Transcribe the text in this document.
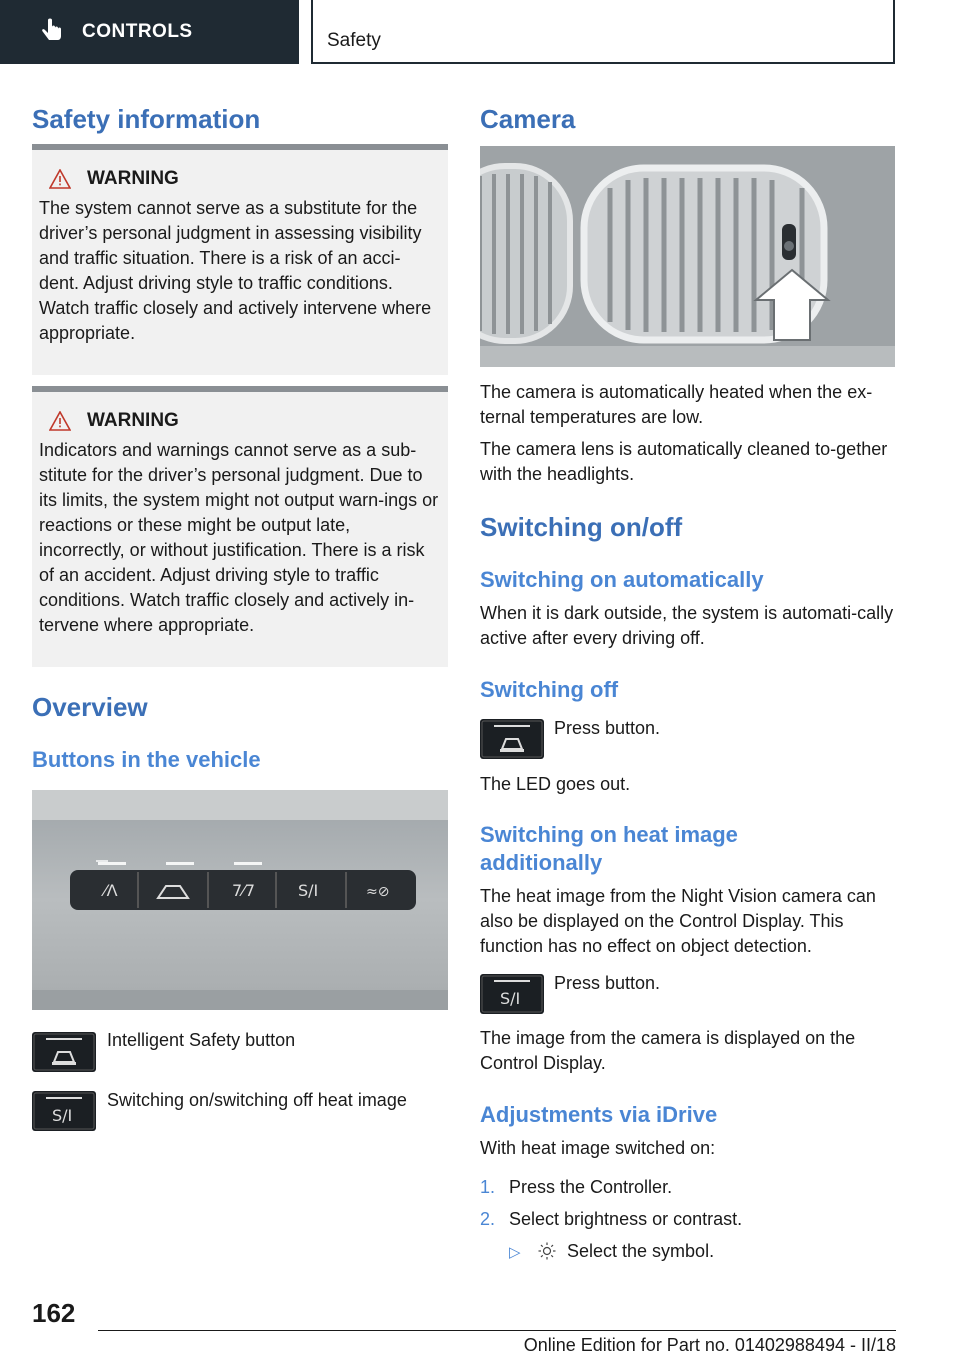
CONTROLS	Safety
Safety information
WARNING
The system cannot serve as a substitute for the driver’s personal judgment in assessing visibility and traffic situation. There is a risk of an acci-dent. Adjust driving style to traffic conditions. Watch traffic closely and actively intervene where appropriate.
WARNING
Indicators and warnings cannot serve as a sub-stitute for the driver’s personal judgment. Due to its limits, the system might not output warn-ings or reactions or these might be output late, incorrectly, or without justification. There is a risk of an accident. Adjust driving style to traffic conditions. Watch traffic closely and actively in-tervene where appropriate.
Overview
Buttons in the vehicle
⁄Λ	7⁄7	S/I	≈⊘
Intelligent Safety button
S/I
Switching on/switching off heat image
Camera
The camera is automatically heated when the ex-ternal temperatures are low.
The camera lens is automatically cleaned to-gether with the headlights.
Switching on/off
Switching on automatically
When it is dark outside, the system is automati-cally active after every driving off.
Switching off
Press button.
The LED goes out.
Switching on heat image
additionally
The heat image from the Night Vision camera can also be displayed on the Control Display. This function has no effect on object detection.
S/I
Press button.
The image from the camera is displayed on the Control Display.
Adjustments via iDrive
With heat image switched on:
1. Press the Controller.
2. Select brightness or contrast.
▷	Select the symbol.
162
Online Edition for Part no. 01402988494 - II/18
